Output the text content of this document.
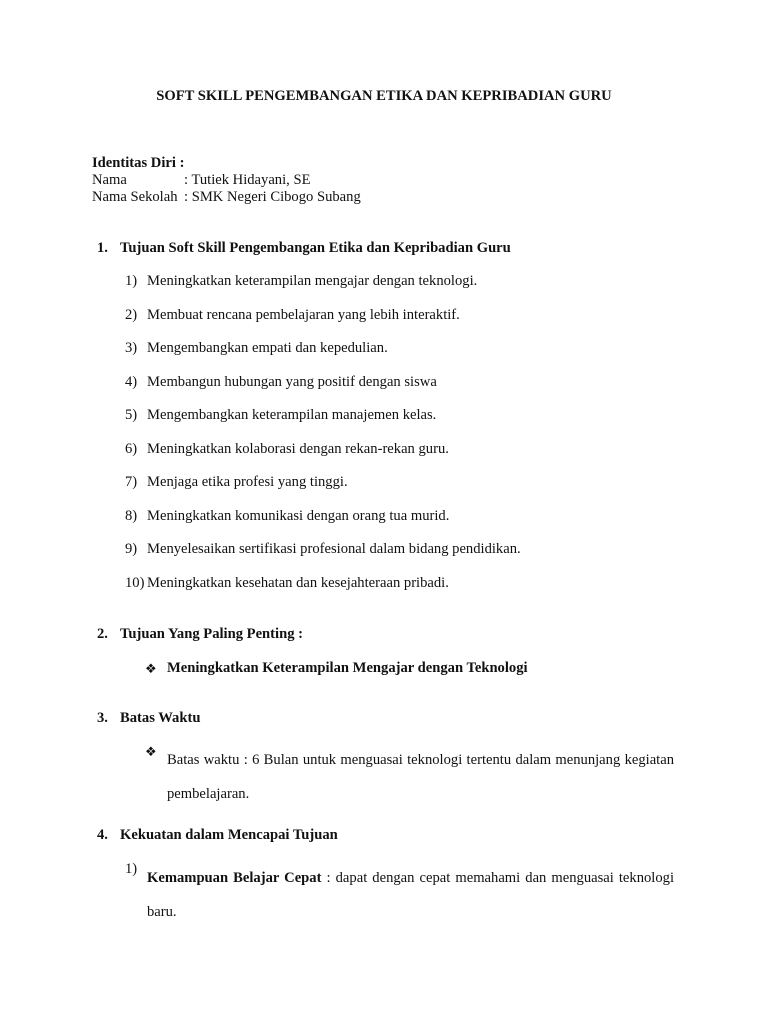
SOFT SKILL PENGEMBANGAN ETIKA DAN KEPRIBADIAN GURU
Identitas Diri :
Nama	: Tutiek Hidayani, SE
Nama Sekolah : SMK Negeri Cibogo Subang
1. Tujuan Soft Skill Pengembangan Etika dan Kepribadian Guru
1) Meningkatkan keterampilan mengajar dengan teknologi.
2) Membuat rencana pembelajaran yang lebih interaktif.
3) Mengembangkan empati dan kepedulian.
4) Membangun hubungan yang positif dengan siswa
5) Mengembangkan keterampilan manajemen kelas.
6) Meningkatkan kolaborasi dengan rekan-rekan guru.
7) Menjaga etika profesi yang tinggi.
8) Meningkatkan komunikasi dengan orang tua murid.
9) Menyelesaikan sertifikasi profesional dalam bidang pendidikan.
10) Meningkatkan kesehatan dan kesejahteraan pribadi.
2. Tujuan Yang Paling Penting :
❖ Meningkatkan Keterampilan Mengajar dengan Teknologi
3. Batas Waktu
❖
Batas waktu : 6 Bulan untuk menguasai teknologi tertentu dalam menunjang kegiatan pembelajaran.
4. Kekuatan dalam Mencapai Tujuan
1)
Kemampuan Belajar Cepat : dapat dengan cepat memahami dan menguasai teknologi baru.
